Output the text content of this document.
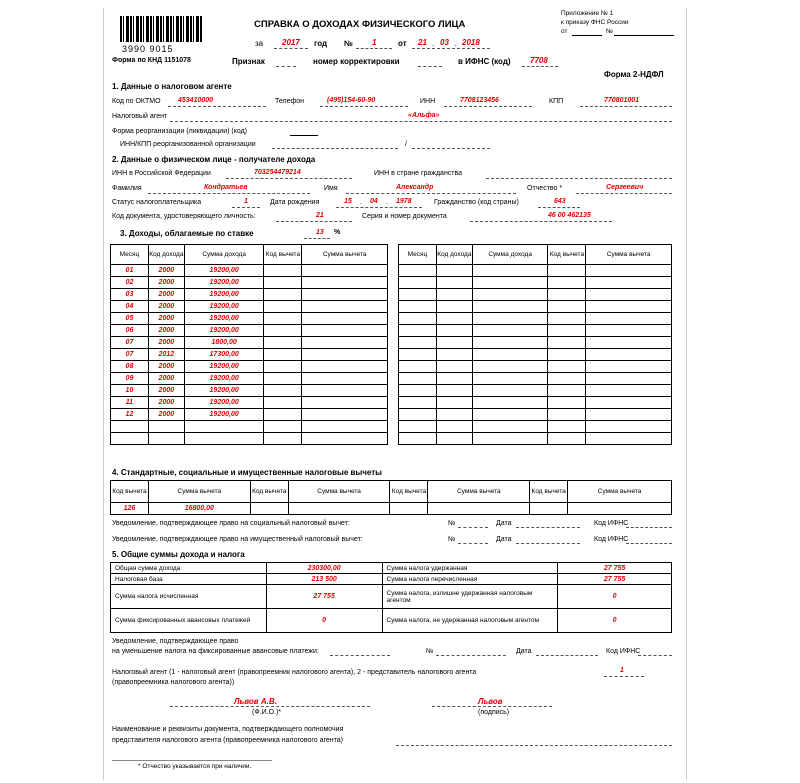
3990 9015
Форма по КНД 1151078
СПРАВКА О ДОХОДАХ ФИЗИЧЕСКОГО ЛИЦА
за 2017 год № 1	от 21 . 03 . 2018
Приложение № 1
к приказу ФНС России
от	№
Признак	номер корректировки	в ИФНС (код) 7708
Форма 2-НДФЛ
1. Данные о налоговом агенте
Код по ОКТМО 453410000	Телефон	(495)154-60-90	ИНН	7708123456	КПП	770801001
Налоговый агент	«Альфа»
Форма реорганизации (ликвидации) (код)
ИНН/КПП реорганизованной организации	/
2. Данные о физическом лице - получателе дохода
ИНН в Российской Федерации	703254479214	ИНН в стране гражданства
Фамилия	Кондратьев	Имя	Александр	Отчество *	Сергеевич
Статус налогоплательщика	1	Дата рождения	15 . 04 . 1978	Гражданство (код страны)	643
Код документа, удостоверяющего личность:	21	Серия и номер документа	46 00 462135
3. Доходы, облагаемые по ставке	13 %
Месяц	Код дохода	Сумма дохода	Код вычета	Сумма вычета
01	2000	19200,00		
02	2000	19200,00		
03	2000	19200,00		
04	2000	19200,00		
05	2000	19200,00		
06	2000	19200,00		
07	2000	1800,00		
07	2012	17300,00		
08	2000	19200,00		
09	2000	19200,00		
10	2000	19200,00		
11	2000	19200,00		
12	2000	19200,00		

Месяц	Код дохода	Сумма дохода	Код вычета	Сумма вычета

4. Стандартные, социальные и имущественные налоговые вычеты
Код вычета	Сумма вычета	Код вычета	Сумма вычета	Код вычета	Сумма вычета	Код вычета	Сумма вычета
126	16800,00						
Уведомление, подтверждающее право на социальный налоговый вычет:
Уведомление, подтверждающее право на имущественный налоговый вычет:
№	Дата	Код ИФНС
№	Дата	Код ИФНС
5. Общие суммы дохода и налога
Общая сумма дохода	230300,00	Сумма налога удержанная	27 755
Налоговая база	213 500	Сумма налога перечисленная	27 755
Сумма налога исчисленная	27 755	Сумма налога, излишне удержанная налоговым агентом	0
Сумма фиксированных авансовых платежей	0	Сумма налога, не удержанная налоговым агентом	0
Уведомление, подтверждающее право
на уменьшение налога на фиксированные авансовые платежи:	№	Дата	Код ИФНС
Налоговый агент (1 - налоговый агент (правопреемник налогового агента), 2 - представитель налогового агента
(правопреемника налогового агента))
1
Львов А.В.
(Ф.И.О.)*
Львов
(подпись)
Наименование и реквизиты документа, подтверждающего полномочия
представителя налогового агента (правопреемника налогового агента)
* Отчество указывается при наличии.
